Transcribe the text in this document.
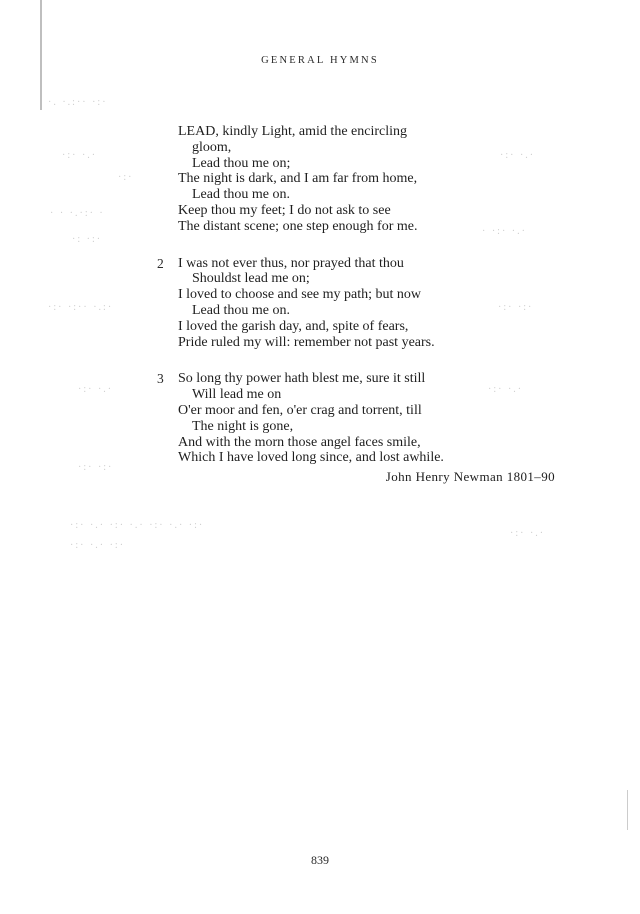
·. ·.:·· ·:·
·:· ·.·
·:·
· · ·.·:· ·
·: ·:·
·:· ·:·· ·.:·
·:· ·.·
·:· ·:·
·:· ·.· ·:· ·.· ·:· ·.· ·:·
·:· ·.· ·:·
·:· ·.·
· ·:· ·.·
·:· ·:·
·:· ·.·
·:· ·.·
GENERAL HYMNS
LEAD, kindly Light, amid the encircling
gloom,
Lead thou me on;
The night is dark, and I am far from home,
Lead thou me on.
Keep thou my feet; I do not ask to see
The distant scene; one step enough for me.
2 I was not ever thus, nor prayed that thou
Shouldst lead me on;
I loved to choose and see my path; but now
Lead thou me on.
I loved the garish day, and, spite of fears,
Pride ruled my will: remember not past years.
3 So long thy power hath blest me, sure it still
Will lead me on
O'er moor and fen, o'er crag and torrent, till
The night is gone,
And with the morn those angel faces smile,
Which I have loved long since, and lost awhile.
John Henry Newman 1801–90
839
